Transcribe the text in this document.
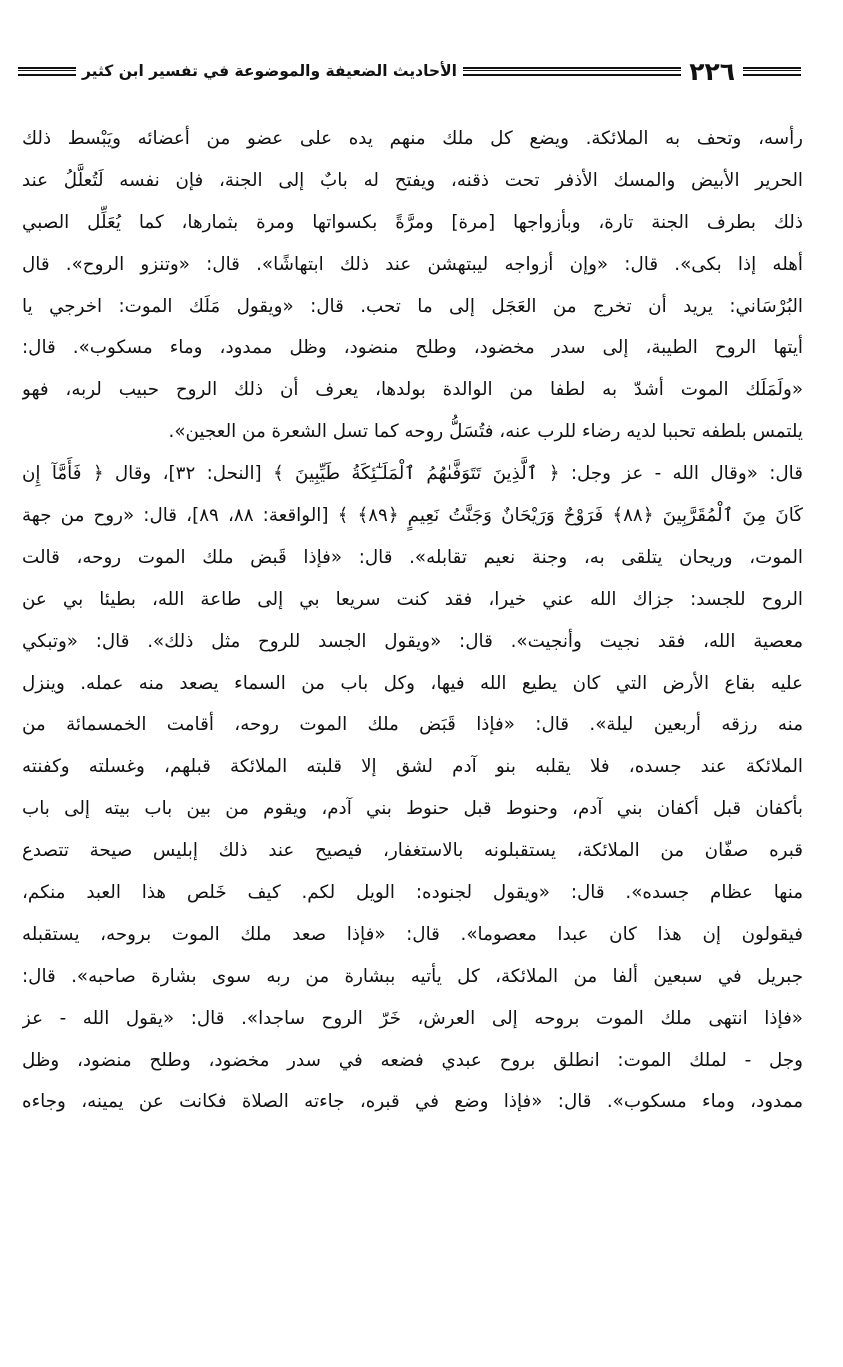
٢٢٦
الأحاديث الضعيفة والموضوعة في تفسير ابن كثير
رأسه، وتحف به الملائكة. ويضع كل ملك منهم يده على عضو من أعضائه ويَبْسط ذلك
الحرير الأبيض والمسك الأذفر تحت ذقنه، ويفتح له بابٌ إلى الجنة، فإن نفسه لَتُعلَّلُ عند
ذلك بطرف الجنة تارة، وبأزواجها [مرة] ومرَّةً بكسواتها ومرة بثمارها، كما يُعَلِّل الصبي
أهله إذا بكى». قال: «وإن أزواجه ليبتهشن عند ذلك ابتهاشًا». قال: «وتنزو الروح». قال
البُرْسَاني: يريد أن تخرج من العَجَل إلى ما تحب. قال: «ويقول مَلَك الموت: اخرجي يا
أيتها الروح الطيبة، إلى سدر مخضود، وطلح منضود، وظل ممدود، وماء مسكوب». قال:
«ولَمَلَك الموت أشدّ به لطفا من الوالدة بولدها، يعرف أن ذلك الروح حبيب لربه، فهو
يلتمس بلطفه تحببا لديه رضاء للرب عنه، فتُسَلُّ روحه كما تسل الشعرة من العجين».
قال: «وقال الله - عز وجل: ﴿ ٱلَّذِينَ تَتَوَفَّىٰهُمُ ٱلْمَلَـٰٓئِكَةُ طَيِّبِينَ ﴾ [النحل: ٣٢]، وقال ﴿ فَأَمَّآ إِن
كَانَ مِنَ ٱلْمُقَرَّبِينَ ﴿٨٨﴾ فَرَوْحٌ وَرَيْحَانٌ وَجَنَّتُ نَعِيمٍ ﴿٨٩﴾ ﴾ [الواقعة: ٨٨، ٨٩]، قال: «روح من جهة
الموت، وريحان يتلقى به، وجنة نعيم تقابله». قال: «فإذا قَبض ملك الموت روحه، قالت
الروح للجسد: جزاك الله عني خيرا، فقد كنت سريعا بي إلى طاعة الله، بطيئا بي عن
معصية الله، فقد نجيت وأنجيت». قال: «ويقول الجسد للروح مثل ذلك». قال: «وتبكي
عليه بقاع الأرض التي كان يطيع الله فيها، وكل باب من السماء يصعد منه عمله. وينزل
منه رزقه أربعين ليلة». قال: «فإذا قَبَض ملك الموت روحه، أقامت الخمسمائة من
الملائكة عند جسده، فلا يقلبه بنو آدم لشق إلا قلبته الملائكة قبلهم، وغسلته وكفنته
بأكفان قبل أكفان بني آدم، وحنوط قبل حنوط بني آدم، ويقوم من بين باب بيته إلى باب
قبره صفّان من الملائكة، يستقبلونه بالاستغفار، فيصيح عند ذلك إبليس صيحة تتصدع
منها عظام جسده». قال: «ويقول لجنوده: الويل لكم. كيف خَلص هذا العبد منكم،
فيقولون إن هذا كان عبدا معصوما». قال: «فإذا صعد ملك الموت بروحه، يستقبله
جبريل في سبعين ألفا من الملائكة، كل يأتيه ببشارة من ربه سوى بشارة صاحبه». قال:
«فإذا انتهى ملك الموت بروحه إلى العرش، خَرّ الروح ساجدا». قال: «يقول الله - عز
وجل - لملك الموت: انطلق بروح عبدي فضعه في سدر مخضود، وطلح منضود، وظل
ممدود، وماء مسكوب». قال: «فإذا وضع في قبره، جاءته الصلاة فكانت عن يمينه، وجاءه
